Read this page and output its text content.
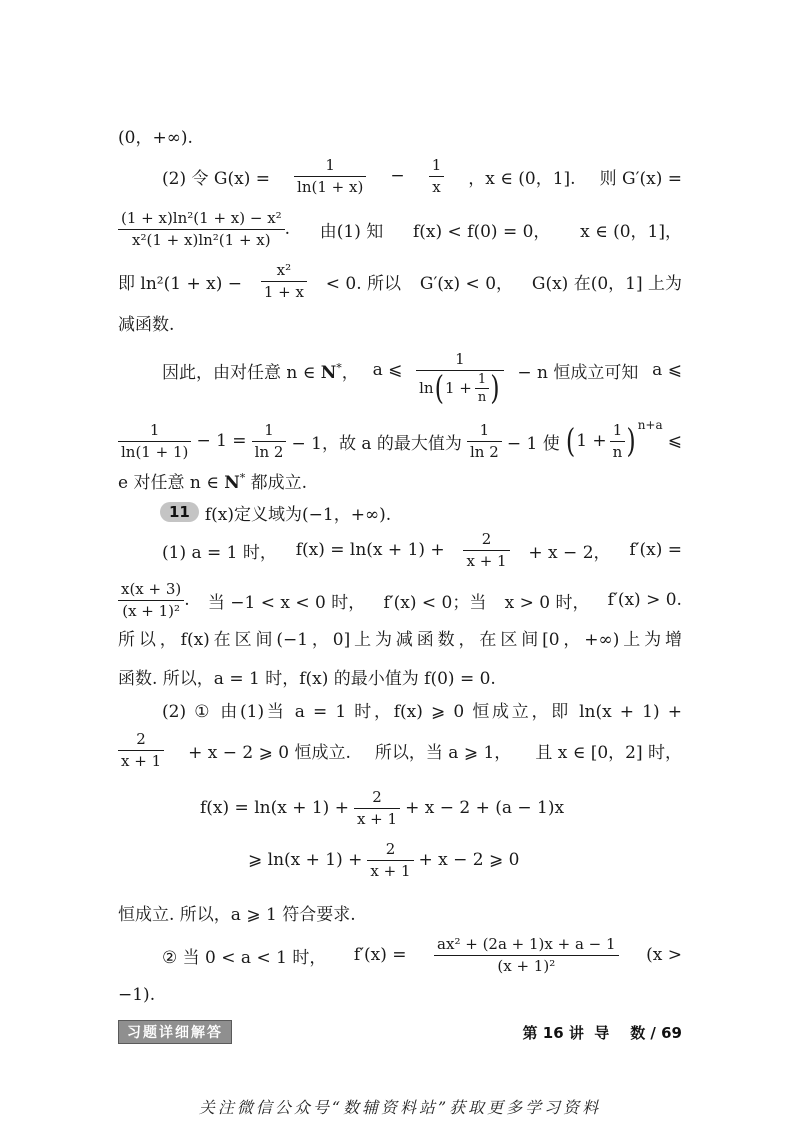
(0，+∞).
(2) 令 $G(x) = \frac{1}{\ln(1 + x)} - \frac{1}{x}$ ，x ∈ (0，1]. 则 G′(x) =
$\frac{\text{(1 + x)ln²(1 + x) − x²}}{\text{x²(1 + x)ln²(1 + x)}}$ . 由(1) 知 f(x) < f(0) = 0， x ∈ (0，1]，
即 $\ln^2(1 + x) - \frac{\text{x²}}{1 + x} < 0$. 所以 G′(x) < 0， G(x) 在(0，1] 上为
减函数.
因此，由对任意 n ∈ N*， a ⩽
1
ln ( $1 + \frac{1}{n}$ ) − n 恒成立可知 a ⩽
$\frac{1}{\ln(1 + 1)} - 1 = \frac{1}{\ln 2} - 1$，故 a 的最大值为 $\frac{1}{\ln 2} - 1$ 使 ( $1 + \frac{1}{n}$ ) n+a
⩽
e 对任意 n ∈ N* 都成立.
11 f(x)定义域为(−1，+∞).
(1) a = 1 时， $f(x) = \ln(x + 1) + \frac{2}{x + 1} + x - 2$， f′(x) =
$\frac{x(x + 3)}{\text{(x + 1)²}}$ . 当 −1 < x < 0 时， f′(x) < 0；当 x > 0 时， f′(x) > 0.
所以，f(x)在区间(−1，0]上为减函数，在区间[0，+∞)上为增
函数. 所以，a = 1 时，f(x) 的最小值为 f(0) = 0.
(2) ① 由(1)当 a = 1 时，f(x) ⩾ 0 恒成立，即 ln(x + 1) +
$\frac{2}{x + 1} + x - 2$ ⩾ 0 恒成立. 所以，当 a ⩾ 1， 且 x ∈ [0，2] 时，
$f(x) = \ln(x + 1) + \frac{2}{x + 1} + x - 2 + (a - 1)x$
⩾ $\ln(x + 1) + \frac{2}{x + 1} + x - 2$ ⩾ 0
恒成立. 所以，a ⩾ 1 符合要求.
② 当 0 < a < 1 时， $f'(x) = \frac{\text{ax² + (2a + 1)x + a − 1}}{\text{(x + 1)²}} (x$ >
−1).
习题详细解答	第 16 讲  导    数 / 69
关注微信公众号“数辅资料站”获取更多学习资料
